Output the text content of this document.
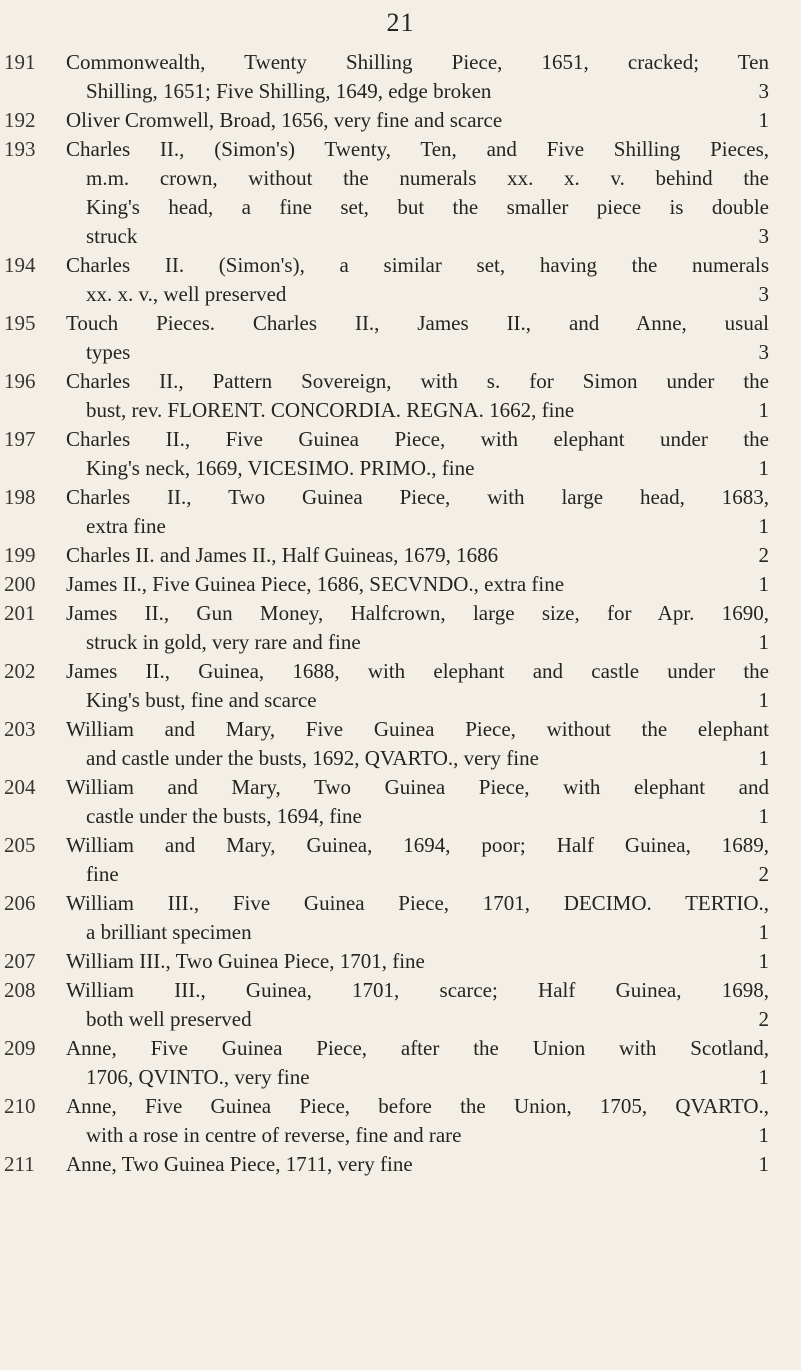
21
191	Commonwealth, Twenty Shilling Piece, 1651, cracked; Ten
Shilling, 1651; Five Shilling, 1649, edge broken	3
192	Oliver Cromwell, Broad, 1656, very fine and scarce	1
193	Charles II., (Simon's) Twenty, Ten, and Five Shilling Pieces,
m.m. crown, without the numerals xx. x. v. behind the
King's head, a fine set, but the smaller piece is double
struck	3
194	Charles II. (Simon's), a similar set, having the numerals
xx. x. v., well preserved	3
195	Touch Pieces. Charles II., James II., and Anne, usual
types	3
196	Charles II., Pattern Sovereign, with s. for Simon under the
bust, rev. FLORENT. CONCORDIA. REGNA. 1662, fine	1
197	Charles II., Five Guinea Piece, with elephant under the
King's neck, 1669, VICESIMO. PRIMO., fine	1
198	Charles II., Two Guinea Piece, with large head, 1683,
extra fine	1
199	Charles II. and James II., Half Guineas, 1679, 1686	2
200	James II., Five Guinea Piece, 1686, SECVNDO., extra fine	1
201	James II., Gun Money, Halfcrown, large size, for Apr. 1690,
struck in gold, very rare and fine	1
202	James II., Guinea, 1688, with elephant and castle under the
King's bust, fine and scarce	1
203	William and Mary, Five Guinea Piece, without the elephant
and castle under the busts, 1692, QVARTO., very fine	1
204	William and Mary, Two Guinea Piece, with elephant and
castle under the busts, 1694, fine	1
205	William and Mary, Guinea, 1694, poor; Half Guinea, 1689,
fine	2
206	William III., Five Guinea Piece, 1701, DECIMO. TERTIO.,
a brilliant specimen	1
207	William III., Two Guinea Piece, 1701, fine	1
208	William III., Guinea, 1701, scarce; Half Guinea, 1698,
both well preserved	2
209	Anne, Five Guinea Piece, after the Union with Scotland,
1706, QVINTO., very fine	1
210	Anne, Five Guinea Piece, before the Union, 1705, QVARTO.,
with a rose in centre of reverse, fine and rare	1
211	Anne, Two Guinea Piece, 1711, very fine	1
